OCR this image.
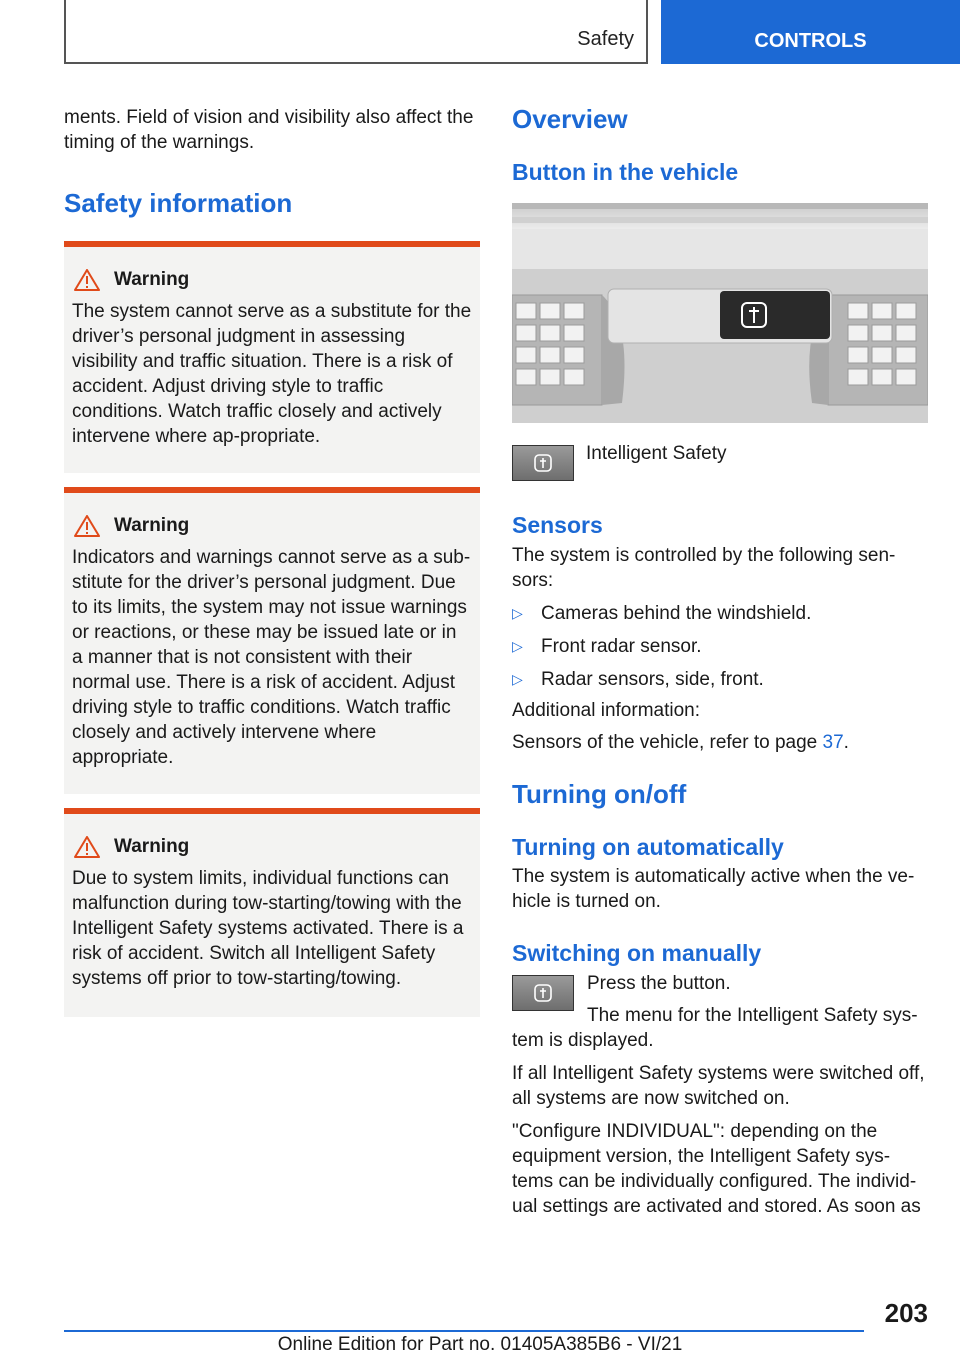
Safety	CONTROLS

ments. Field of vision and visibility also affect the timing of the warnings.

Safety information
Warning

The system cannot serve as a substitute for the driver’s personal judgment in assessing visibility and traffic situation. There is a risk of accident. Adjust driving style to traffic conditions. Watch traffic closely and actively intervene where ap‐propriate.

Warning

Indicators and warnings cannot serve as a sub‐stitute for the driver’s personal judgment. Due to its limits, the system may not issue warnings or reactions, or these may be issued late or in a manner that is not consistent with their normal use. There is a risk of accident. Adjust driving style to traffic conditions. Watch traffic closely and actively intervene where appropriate.

Warning

Due to system limits, individual functions can malfunction during tow-starting/towing with the Intelligent Safety systems activated. There is a risk of accident. Switch all Intelligent Safety systems off prior to tow-starting/towing.

Overview
Button in the vehicle

Intelligent Safety

Sensors

The system is controlled by the following sen‐sors:

▷ Cameras behind the windshield.
▷ Front radar sensor.
▷ Radar sensors, side, front.

Additional information:

Sensors of the vehicle, refer to page 37.

Turning on/off
Turning on automatically

The system is automatically active when the ve‐hicle is turned on.

Switching on manually

Press the button.

The menu for the Intelligent Safety sys‐tem is displayed.

If all Intelligent Safety systems were switched off, all systems are now switched on.

"Configure INDIVIDUAL": depending on the equipment version, the Intelligent Safety sys‐tems can be individually configured. The individ‐ual settings are activated and stored. As soon as

203
Online Edition for Part no. 01405A385B6 - VI/21
